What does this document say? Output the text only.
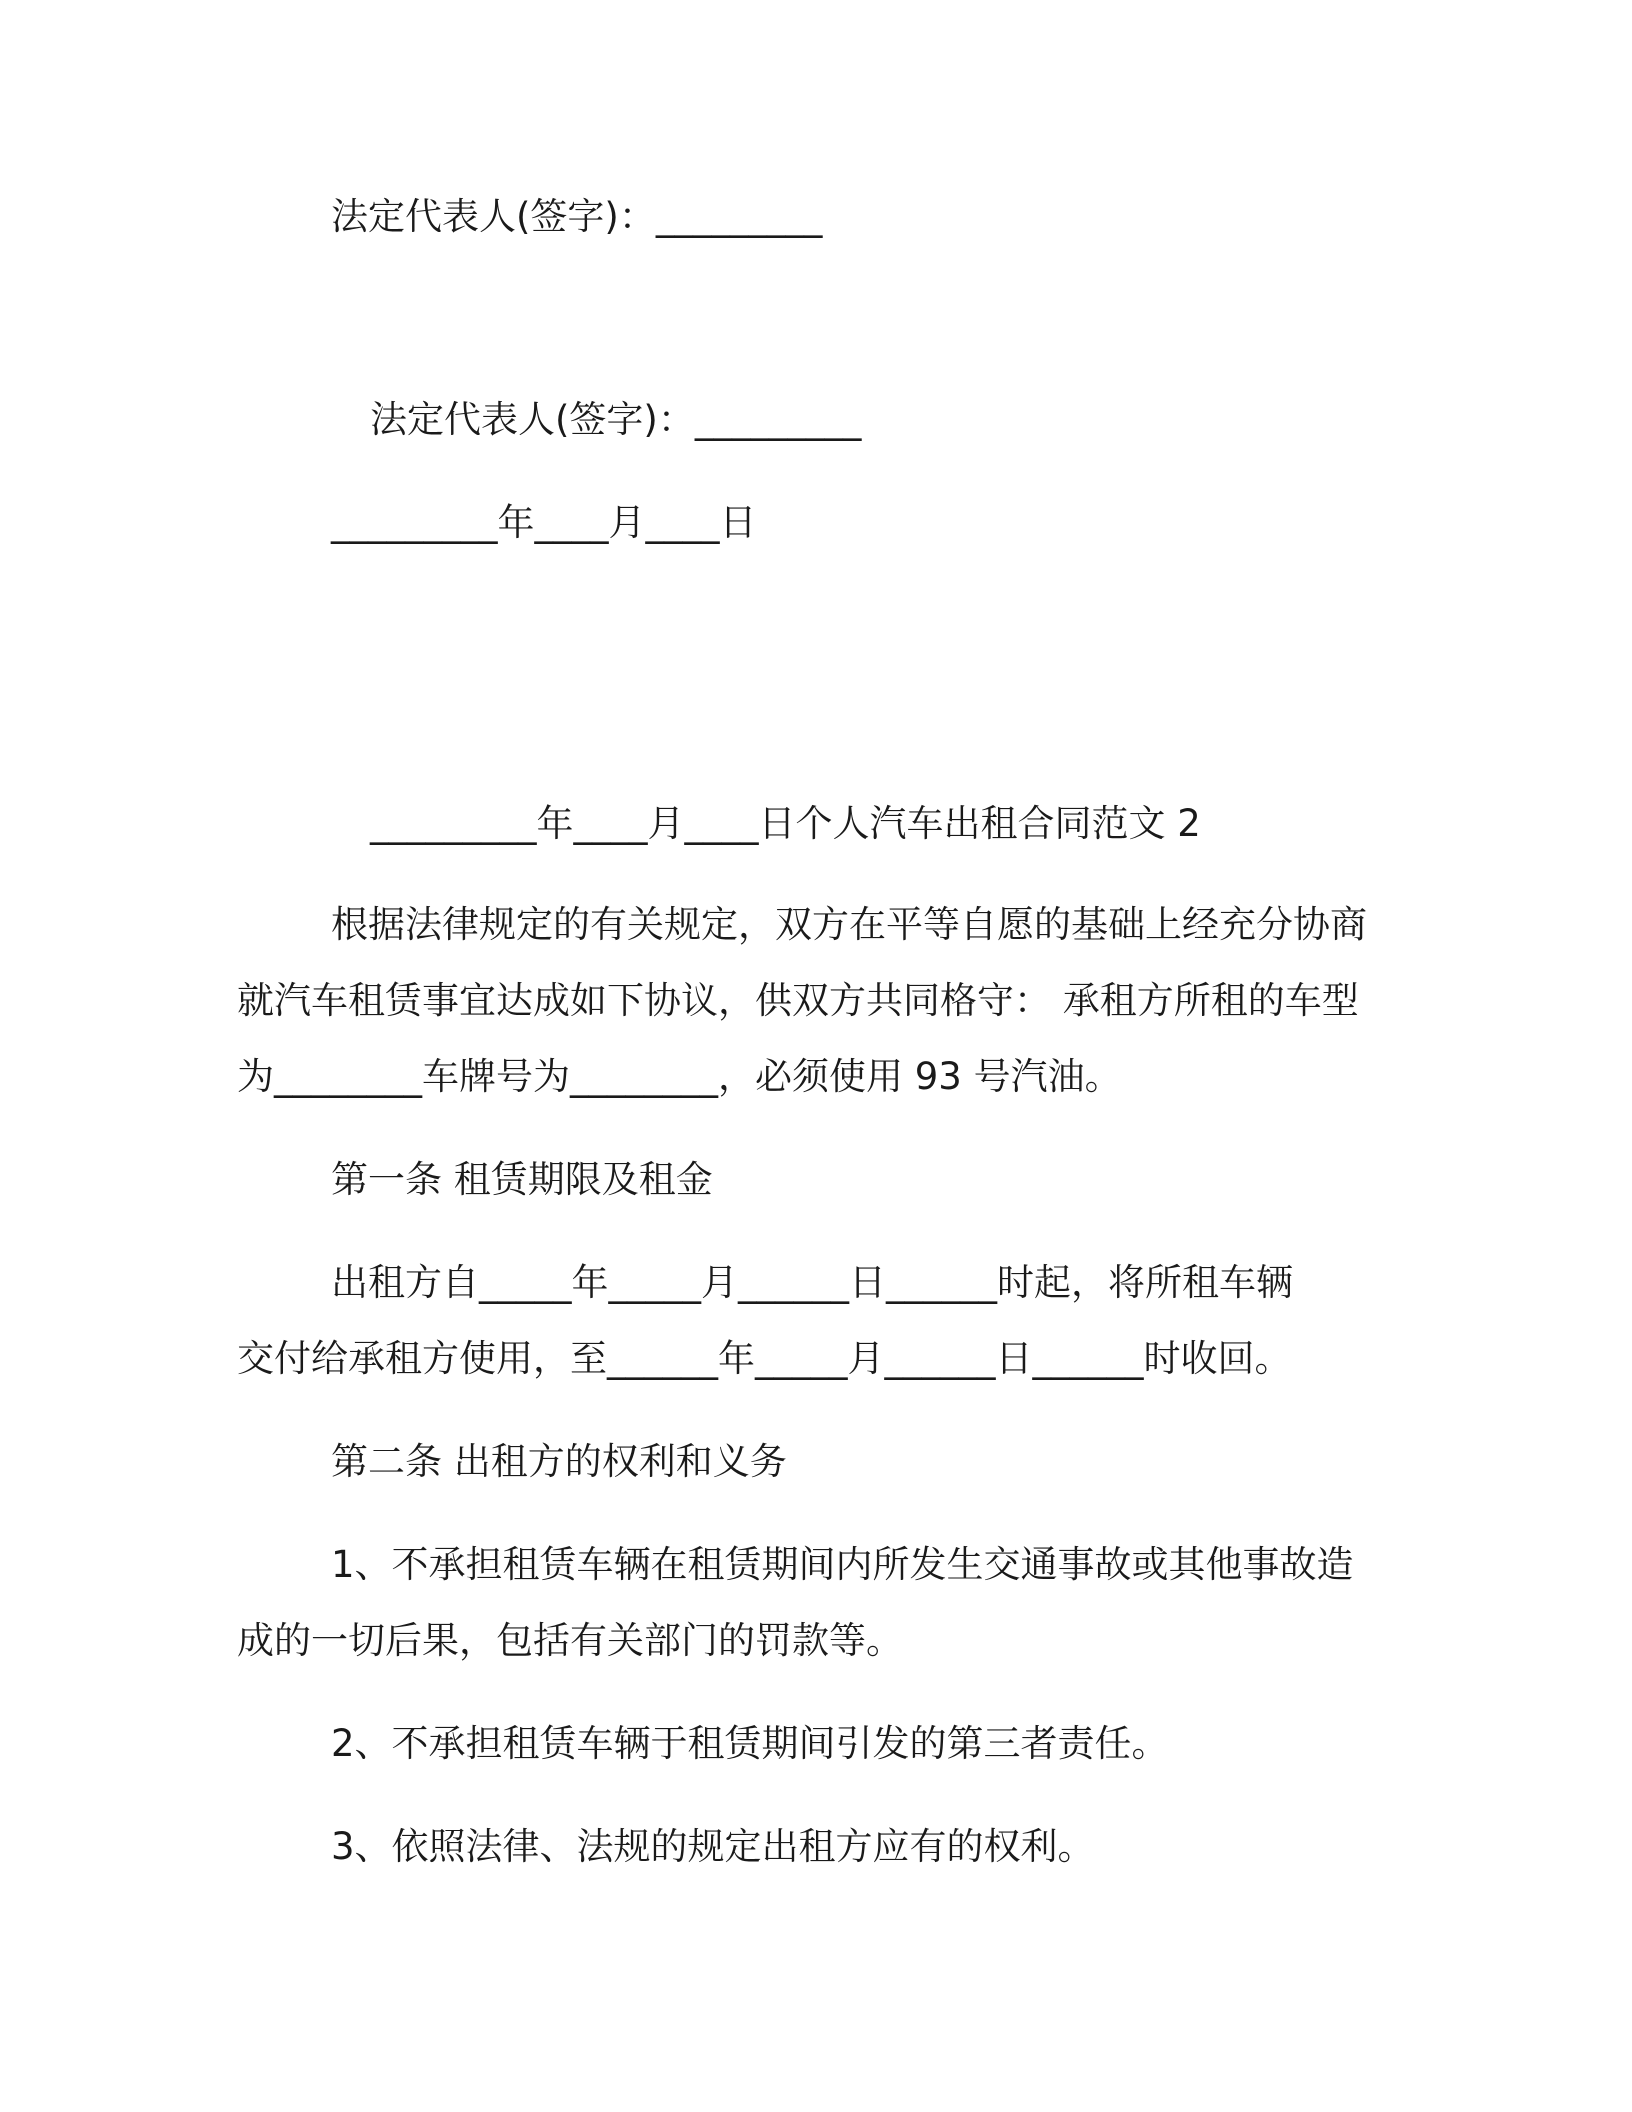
法定代表人(签字)：_________
法定代表人(签字)：_________
_________年____月____日
_________年____月____日个人汽车出租合同范文 2
根据法律规定的有关规定，双方在平等自愿的基础上经充分协商
就汽车租赁事宜达成如下协议，供双方共同格守： 承租方所租的车型
为________车牌号为________，必须使用 93 号汽油。
第一条 租赁期限及租金
出租方自_____年_____月______日______时起，将所租车辆
交付给承租方使用，至______年_____月______日______时收回。
第二条 出租方的权利和义务
1、不承担租赁车辆在租赁期间内所发生交通事故或其他事故造
成的一切后果，包括有关部门的罚款等。
2、不承担租赁车辆于租赁期间引发的第三者责任。
3、依照法律、法规的规定出租方应有的权利。
